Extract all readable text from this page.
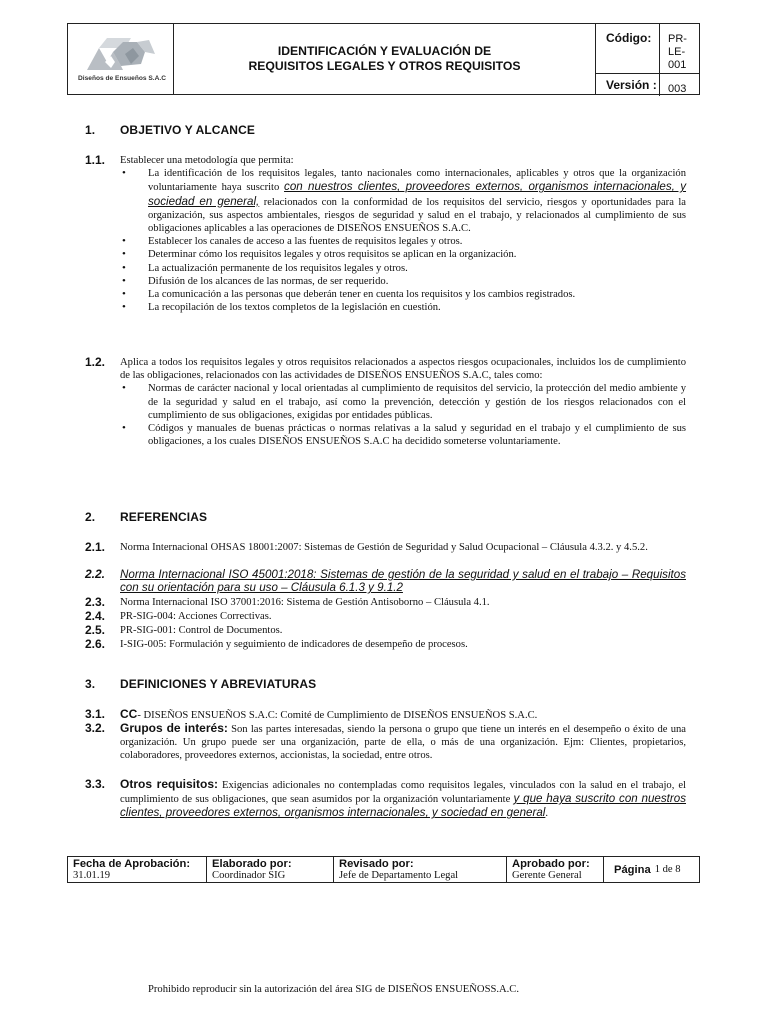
Diseños de Ensueños S.A.C
IDENTIFICACIÓN Y EVALUACIÓN DE
REQUISITOS LEGALES Y OTROS REQUISITOS
Código:	PR-LE-001
Versión :	003
1. OBJETIVO Y ALCANCE
1.1. Establecer una metodología que permita:
• La identificación de los requisitos legales, tanto nacionales como internacionales, aplicables y otros que la organización voluntariamente haya suscrito con nuestros clientes, proveedores externos, organismos internacionales, y sociedad en general, relacionados con la conformidad de los requisitos del servicio, riesgos y oportunidades para la organización, sus aspectos ambientales, riesgos de seguridad y salud en el trabajo, y relacionados al cumplimiento de sus obligaciones aplicables a las operaciones de DISEÑOS ENSUEÑOS S.A.C.
• Establecer los canales de acceso a las fuentes de requisitos legales y otros.
• Determinar cómo los requisitos legales y otros requisitos se aplican en la organización.
• La actualización permanente de los requisitos legales y otros.
• Difusión de los alcances de las normas, de ser requerido.
• La comunicación a las personas que deberán tener en cuenta los requisitos y los cambios registrados.
• La recopilación de los textos completos de la legislación en cuestión.
1.2. Aplica a todos los requisitos legales y otros requisitos relacionados a aspectos riesgos ocupacionales, incluidos los de cumplimiento de las obligaciones, relacionados con las actividades de DISEÑOS ENSUEÑOS S.A.C, tales como:
• Normas de carácter nacional y local orientadas al cumplimiento de requisitos del servicio, la protección del medio ambiente y de la seguridad y salud en el trabajo, así como la prevención, detección y gestión de los riesgos relacionados con el cumplimiento de sus obligaciones, exigidas por entidades públicas.
• Códigos y manuales de buenas prácticas o normas relativas a la salud y seguridad en el trabajo y el cumplimiento de sus obligaciones, a los cuales DISEÑOS ENSUEÑOS S.A.C ha decidido someterse voluntariamente.
2. REFERENCIAS
2.1. Norma Internacional OHSAS 18001:2007: Sistemas de Gestión de Seguridad y Salud Ocupacional – Cláusula 4.3.2. y 4.5.2.
2.2. Norma Internacional ISO 45001:2018: Sistemas de gestión de la seguridad y salud en el trabajo – Requisitos con su orientación para su uso – Cláusula 6.1.3 y 9.1.2
2.3. Norma Internacional ISO 37001:2016: Sistema de Gestión Antisoborno – Cláusula 4.1.
2.4. PR-SIG-004: Acciones Correctivas.
2.5. PR-SIG-001: Control de Documentos.
2.6. I-SIG-005: Formulación y seguimiento de indicadores de desempeño de procesos.
3. DEFINICIONES Y ABREVIATURAS
3.1. CC- DISEÑOS ENSUEÑOS S.A.C: Comité de Cumplimiento de DISEÑOS ENSUEÑOS S.A.C.
3.2. Grupos de interés: Son las partes interesadas, siendo la persona o grupo que tiene un interés en el desempeño o éxito de una organización. Un grupo puede ser una organización, parte de ella, o más de una organización. Ejm: Clientes, propietarios, colaboradores, proveedores externos, accionistas, la sociedad, entre otros.
3.3. Otros requisitos: Exigencias adicionales no contempladas como requisitos legales, vinculados con la salud en el trabajo, el cumplimiento de sus obligaciones, que sean asumidos por la organización voluntariamente y que haya suscrito con nuestros clientes, proveedores externos, organismos internacionales, y sociedad en general.
Fecha de Aprobación:
31.01.19
Elaborado por:
Coordinador SIG
Revisado por:
Jefe de Departamento Legal
Aprobado por:
Gerente General	Página 1 de 8
Prohibido reproducir sin la autorización del área SIG de DISEÑOS ENSUEÑOSS.A.C.
